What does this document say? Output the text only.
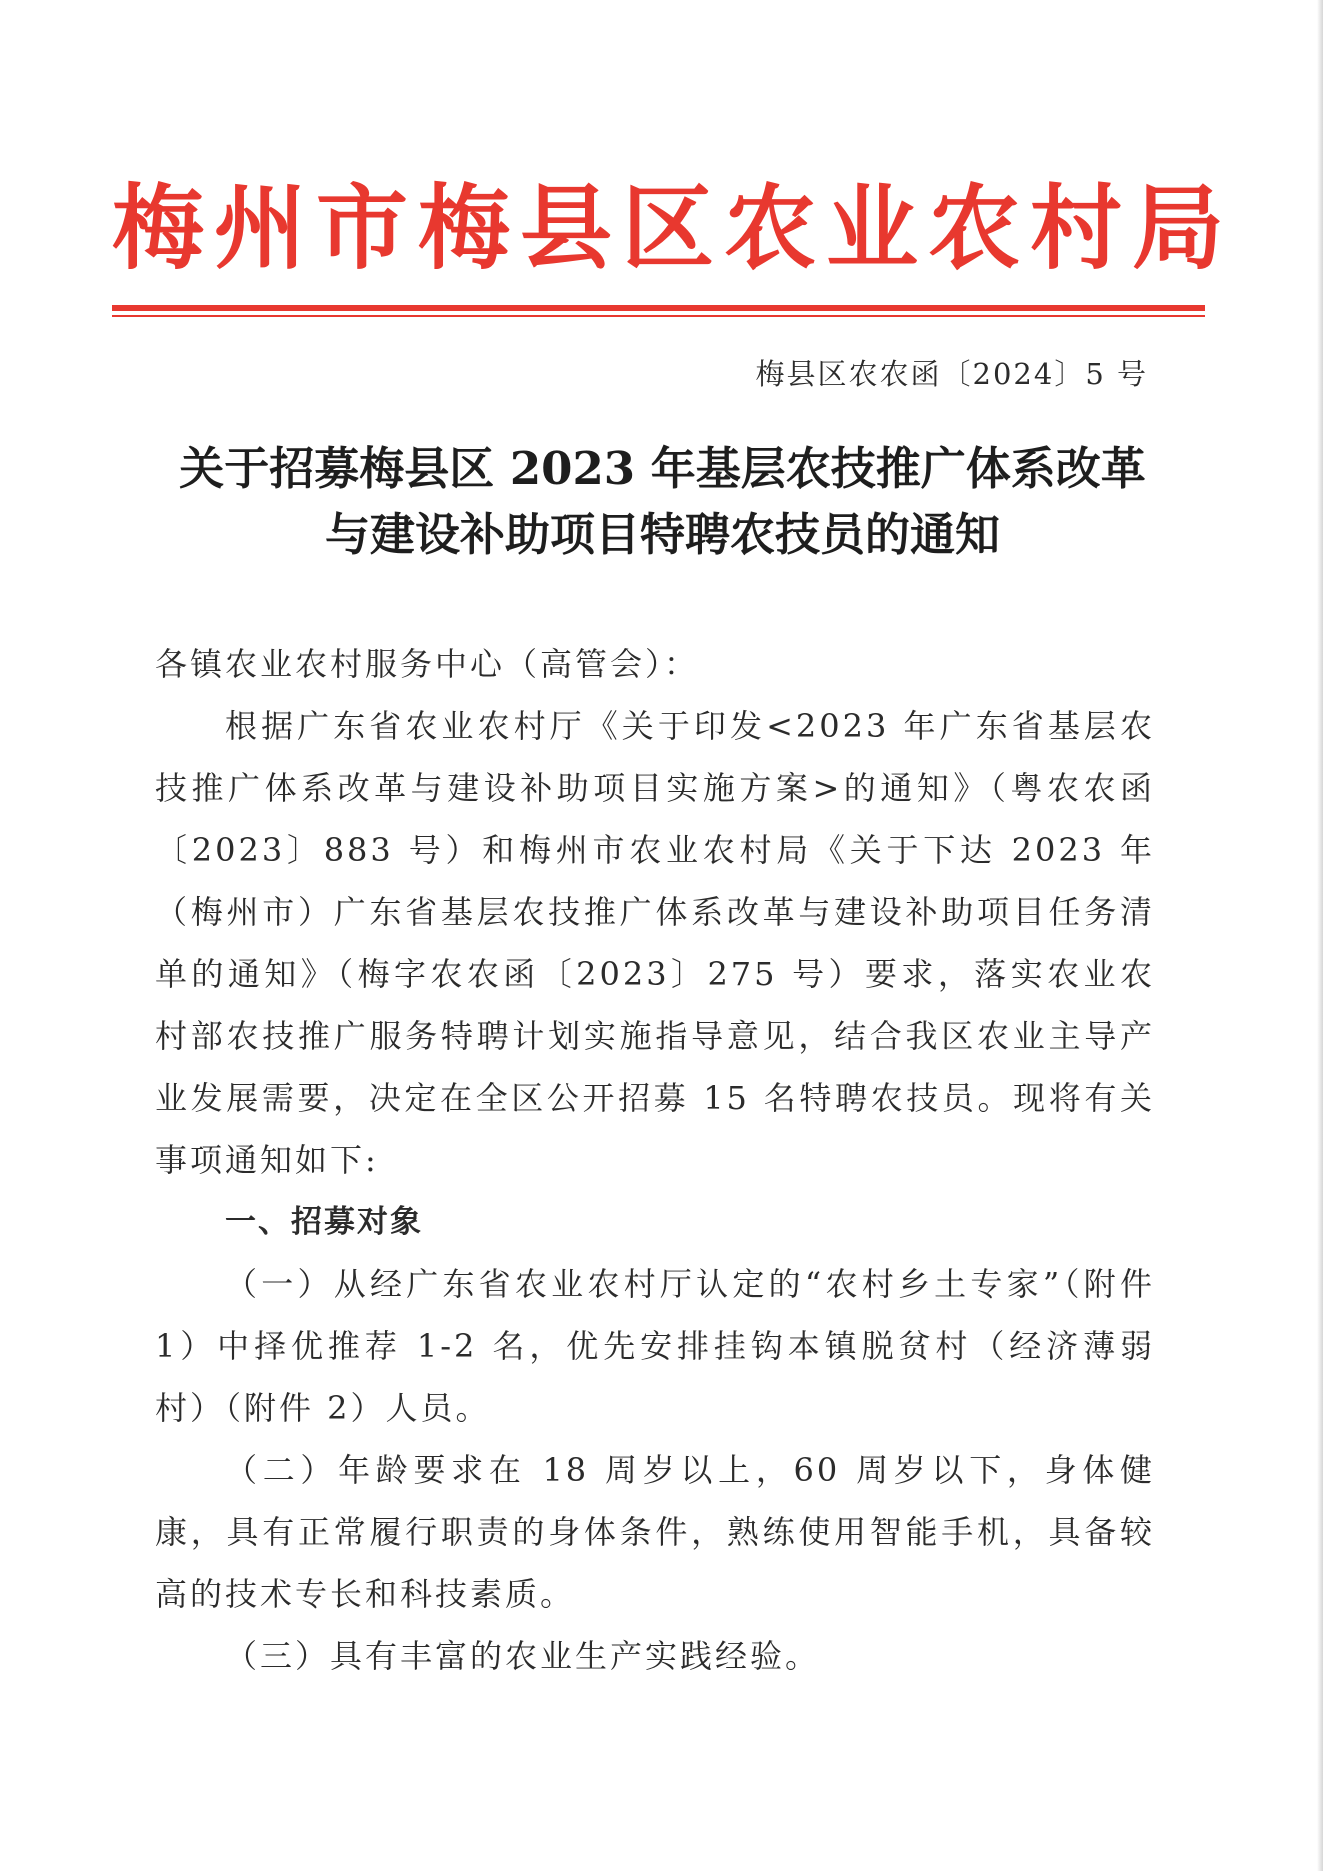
梅州市梅县区农业农村局
梅县区农农函〔2024〕5 号
关于招募梅县区 2023 年基层农技推广体系改革
与建设补助项目特聘农技员的通知

各镇农业农村服务中心（高管会）：

根据广东省农业农村厅《关于印发<2023 年广东省基层农技推广体系改革与建设补助项目实施方案>的通知》（粤农农函〔2023〕883 号）和梅州市农业农村局《关于下达 2023 年（梅州市）广东省基层农技推广体系改革与建设补助项目任务清单的通知》（梅字农农函〔2023〕275 号）要求，落实农业农村部农技推广服务特聘计划实施指导意见，结合我区农业主导产业发展需要，决定在全区公开招募 15 名特聘农技员。现将有关事项通知如下:

一、招募对象

（一）从经广东省农业农村厅认定的“农村乡土专家”（附件 1）中择优推荐 1-2 名，优先安排挂钩本镇脱贫村（经济薄弱村）（附件 2）人员。

（二）年龄要求在 18 周岁以上，60 周岁以下，身体健康，具有正常履行职责的身体条件，熟练使用智能手机，具备较高的技术专长和科技素质。

（三）具有丰富的农业生产实践经验。
